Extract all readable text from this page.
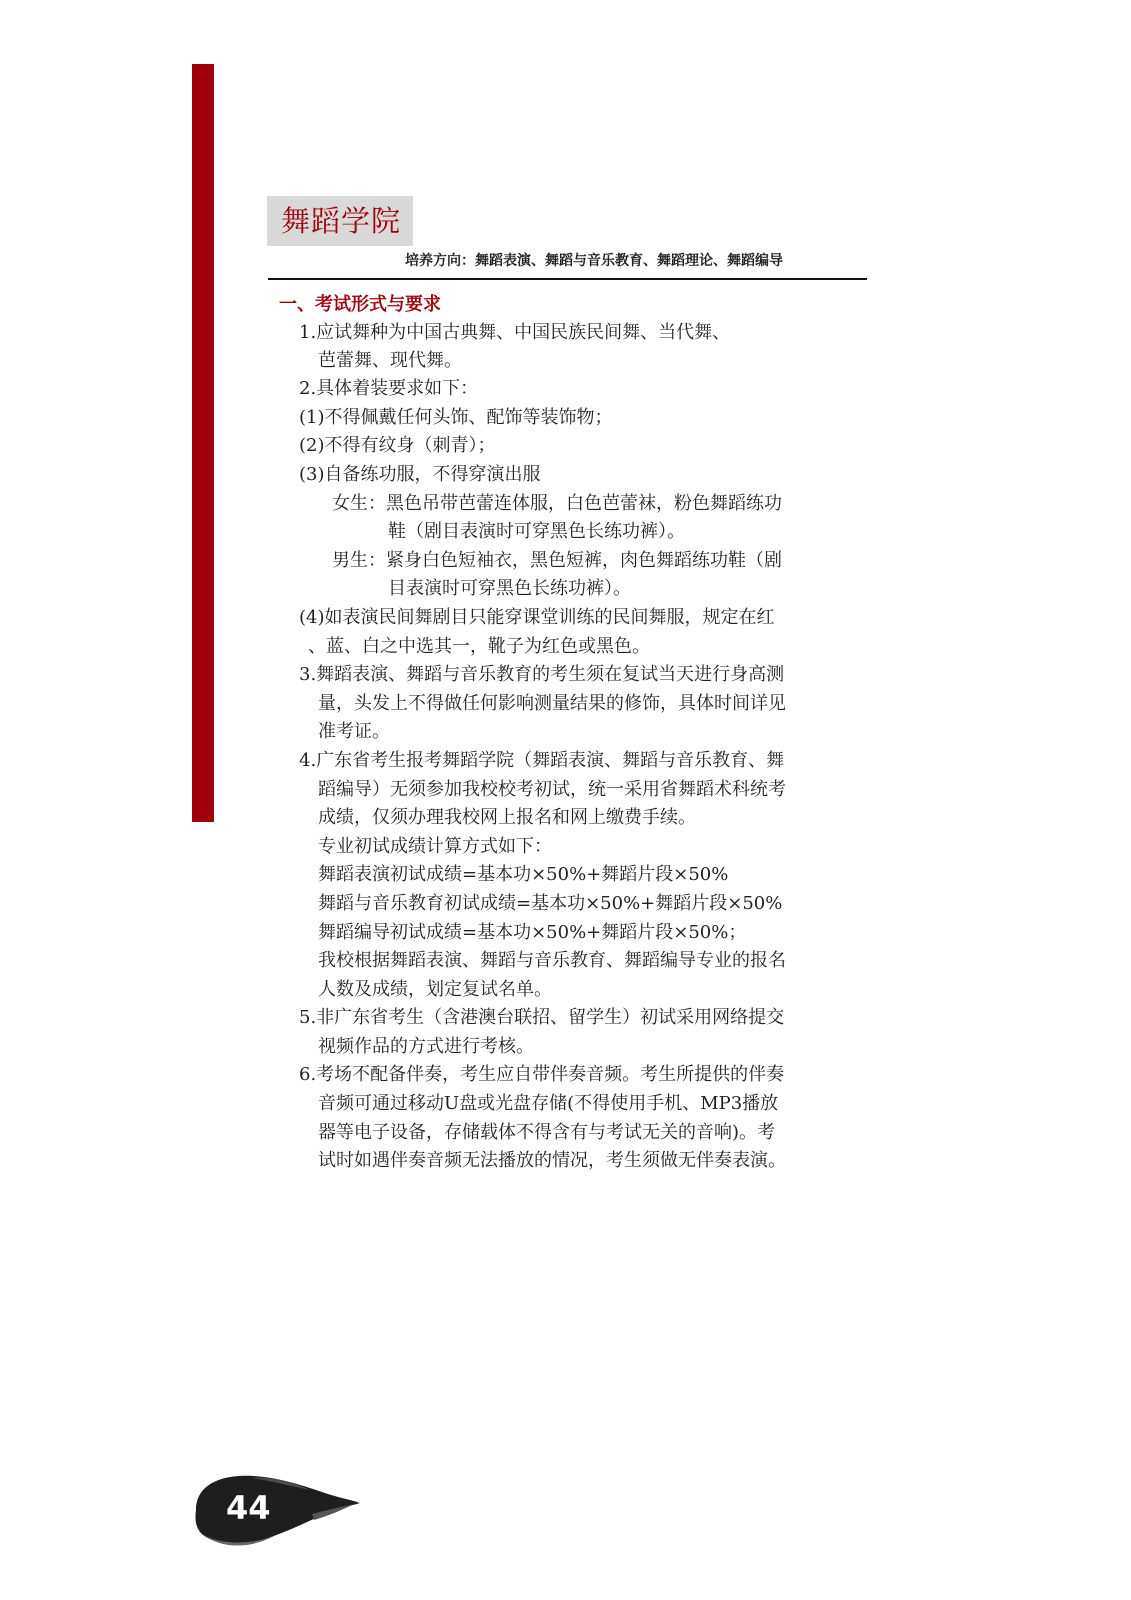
舞蹈学院
培养方向：舞蹈表演、舞蹈与音乐教育、舞蹈理论、舞蹈编导
一、考试形式与要求
1.应试舞种为中国古典舞、中国民族民间舞、当代舞、
芭蕾舞、现代舞。
2.具体着装要求如下：
(1)不得佩戴任何头饰、配饰等装饰物；
(2)不得有纹身（刺青）；
(3)自备练功服，不得穿演出服
女生：黑色吊带芭蕾连体服，白色芭蕾袜，粉色舞蹈练功
鞋（剧目表演时可穿黑色长练功裤）。
男生：紧身白色短袖衣，黑色短裤，肉色舞蹈练功鞋（剧
目表演时可穿黑色长练功裤）。
(4)如表演民间舞剧目只能穿课堂训练的民间舞服，规定在红
、蓝、白之中选其一，靴子为红色或黑色。
3.舞蹈表演、舞蹈与音乐教育的考生须在复试当天进行身高测
量，头发上不得做任何影响测量结果的修饰，具体时间详见
准考证。
4.广东省考生报考舞蹈学院（舞蹈表演、舞蹈与音乐教育、舞
蹈编导）无须参加我校校考初试，统一采用省舞蹈术科统考
成绩，仅须办理我校网上报名和网上缴费手续。
专业初试成绩计算方式如下：
舞蹈表演初试成绩=基本功×50%+舞蹈片段×50%
舞蹈与音乐教育初试成绩=基本功×50%+舞蹈片段×50%
舞蹈编导初试成绩=基本功×50%+舞蹈片段×50%；
我校根据舞蹈表演、舞蹈与音乐教育、舞蹈编导专业的报名
人数及成绩，划定复试名单。
5.非广东省考生（含港澳台联招、留学生）初试采用网络提交
视频作品的方式进行考核。
6.考场不配备伴奏，考生应自带伴奏音频。考生所提供的伴奏
音频可通过移动U盘或光盘存储(不得使用手机、MP3播放
器等电子设备，存储载体不得含有与考试无关的音响)。考
试时如遇伴奏音频无法播放的情况，考生须做无伴奏表演。
44
